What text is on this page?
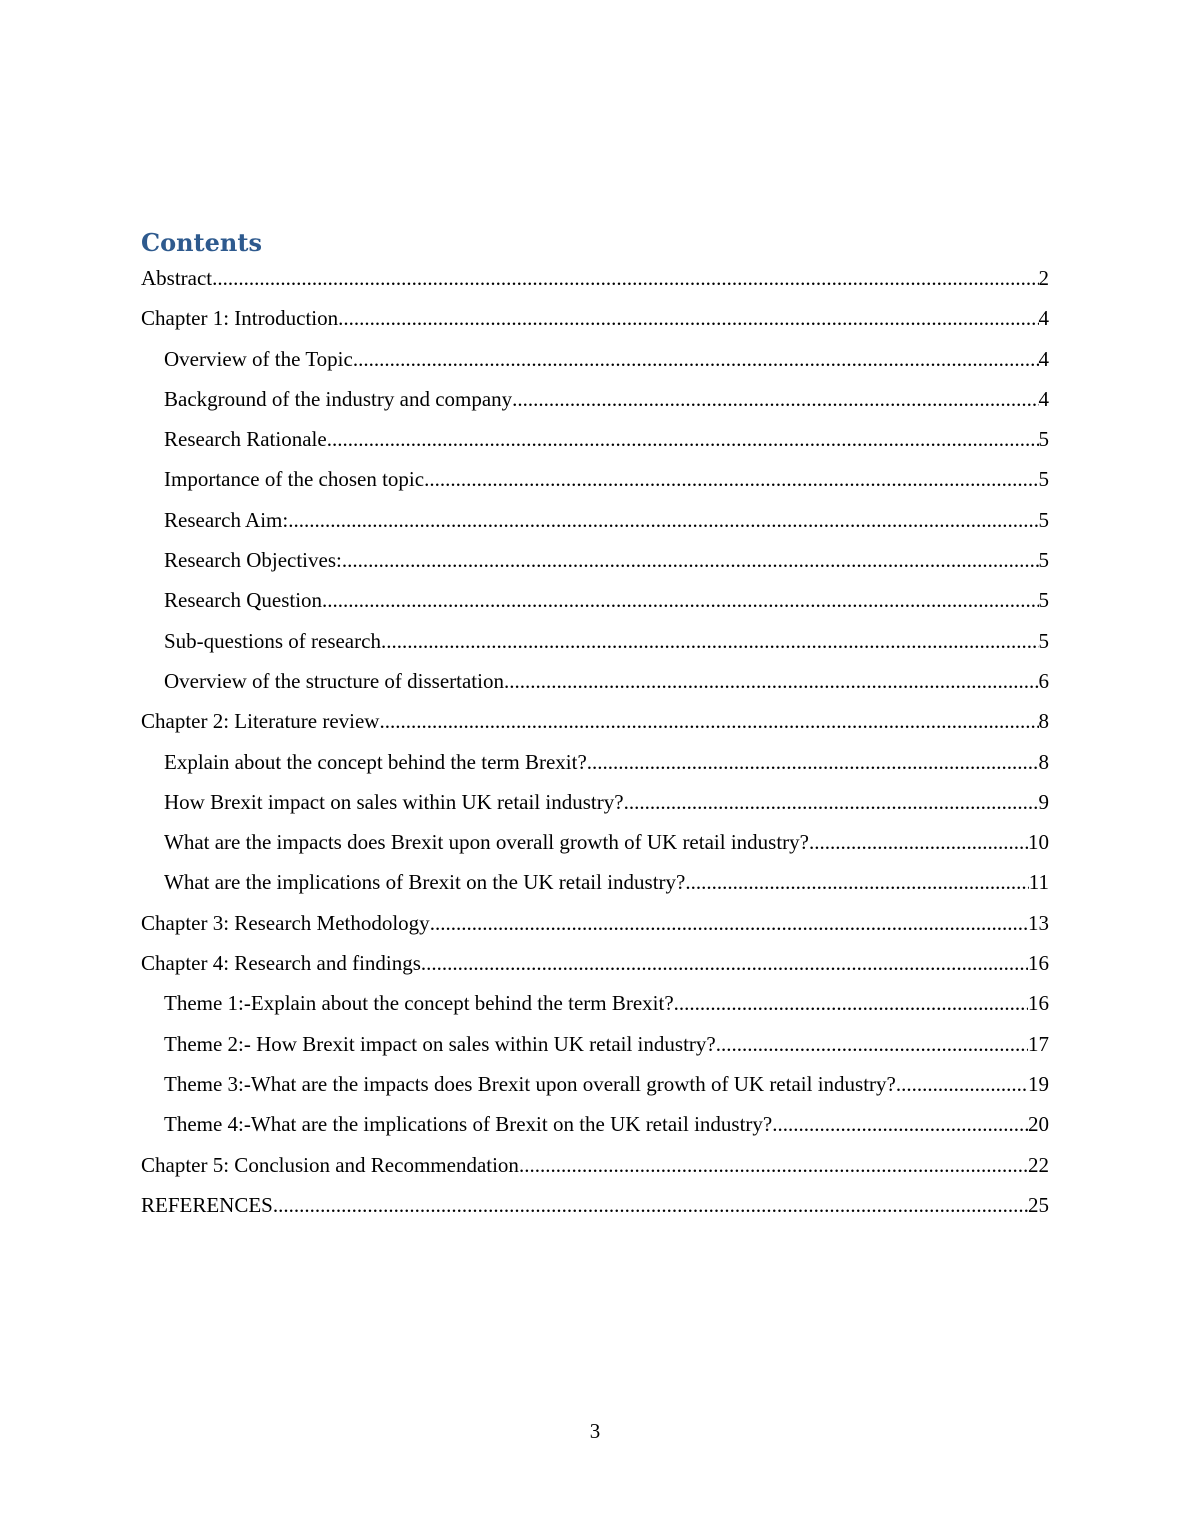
Contents
Abstract .....	2
Chapter 1: Introduction .....	4
Overview of the Topic .....	4
Background of the industry and company .....	4
Research Rationale .....	5
Importance of the chosen topic .....	5
Research Aim: .....	5
Research Objectives: .....	5
Research Question .....	5
Sub-questions of research .....	5
Overview of the structure of dissertation .....	6
Chapter 2: Literature review .....	8
Explain about the concept behind the term Brexit? .....	8
How Brexit impact on sales within UK retail industry? .....	9
What are the impacts does Brexit upon overall growth of UK retail industry? .....	10
What are the implications of Brexit on the UK retail industry? .....	11
Chapter 3: Research Methodology .....	13
Chapter 4: Research and findings .....	16
Theme 1:-Explain about the concept behind the term Brexit? .....	16
Theme 2:- How Brexit impact on sales within UK retail industry? .....	17
Theme 3:-What are the impacts does Brexit upon overall growth of UK retail industry? .....	19
Theme 4:-What are the implications of Brexit on the UK retail industry? .....	20
Chapter 5: Conclusion and Recommendation .....	22
REFERENCES .....	25
3
